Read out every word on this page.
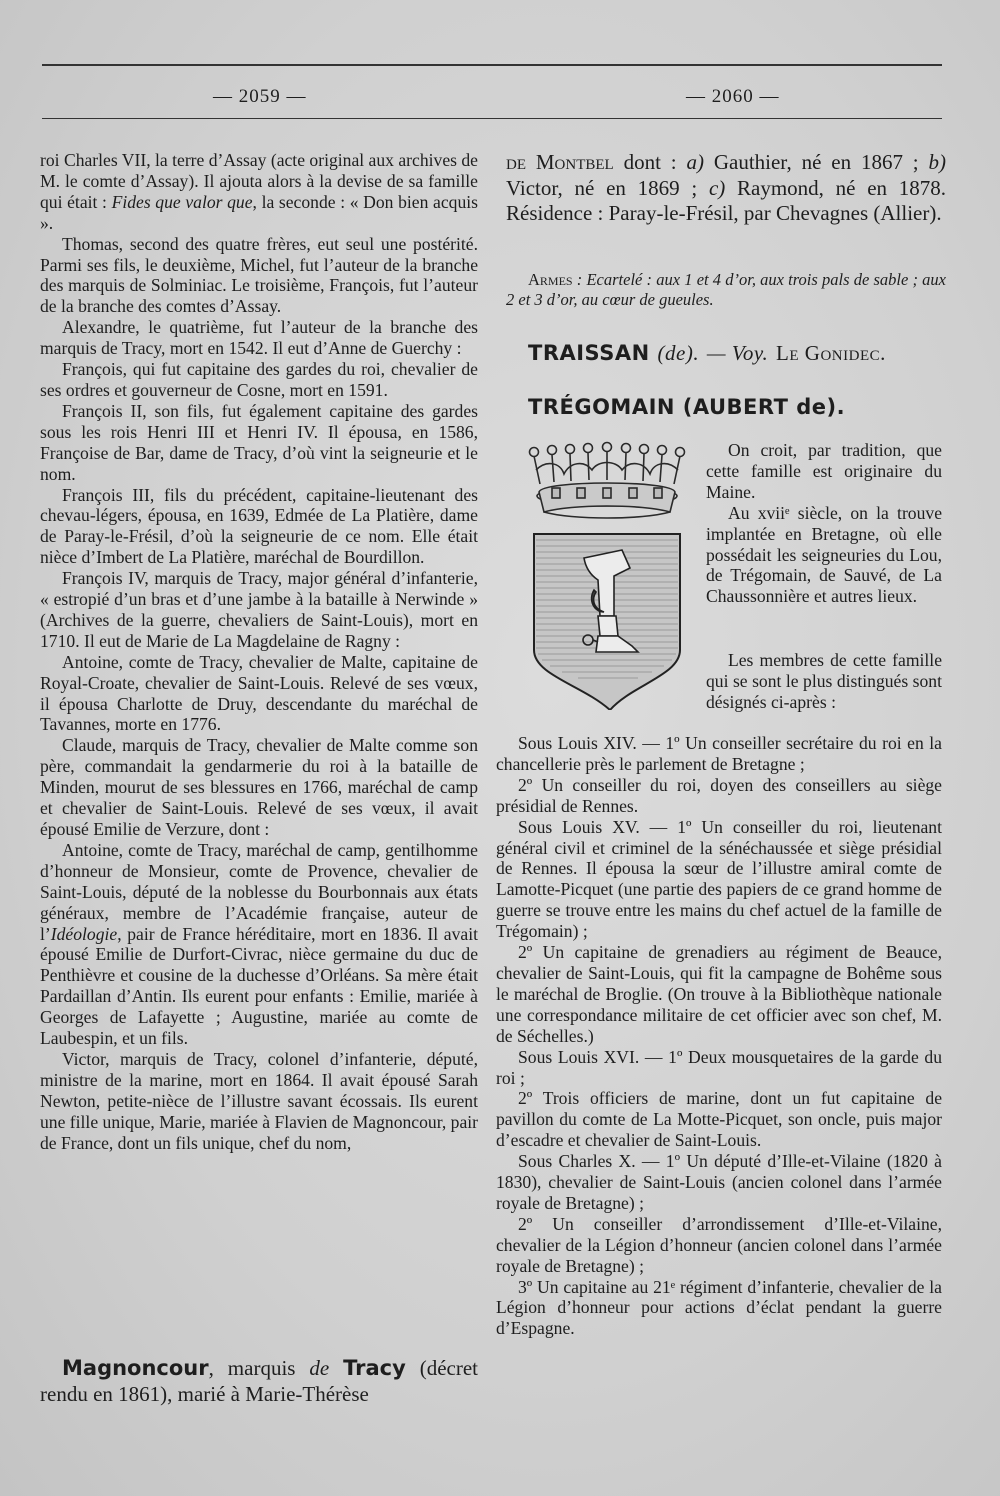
— 2059 —	— 2060 —

roi Charles VII, la terre d’Assay (acte original aux archives de M. le comte d’Assay). Il ajouta alors à la devise de sa famille qui était : Fides que valor que, la seconde : « Don bien acquis ».

Thomas, second des quatre frères, eut seul une postérité. Parmi ses fils, le deuxième, Michel, fut l’auteur de la branche des marquis de Solminiac. Le troisième, François, fut l’auteur de la branche des comtes d’Assay.

Alexandre, le quatrième, fut l’auteur de la branche des marquis de Tracy, mort en 1542. Il eut d’Anne de Guerchy :

François, qui fut capitaine des gardes du roi, chevalier de ses ordres et gouverneur de Cosne, mort en 1591.

François II, son fils, fut également capitaine des gardes sous les rois Henri III et Henri IV. Il épousa, en 1586, Françoise de Bar, dame de Tracy, d’où vint la seigneurie et le nom.

François III, fils du précédent, capitaine-lieutenant des chevau-légers, épousa, en 1639, Edmée de La Platière, dame de Paray-le-Frésil, d’où la seigneurie de ce nom. Elle était nièce d’Imbert de La Platière, maréchal de Bourdillon.

François IV, marquis de Tracy, major général d’infanterie, « estropié d’un bras et d’une jambe à la bataille à Nerwinde » (Archives de la guerre, chevaliers de Saint-Louis), mort en 1710. Il eut de Marie de La Magdelaine de Ragny :

Antoine, comte de Tracy, chevalier de Malte, capitaine de Royal-Croate, chevalier de Saint-Louis. Relevé de ses vœux, il épousa Charlotte de Druy, descendante du maréchal de Tavannes, morte en 1776.

Claude, marquis de Tracy, chevalier de Malte comme son père, commandait la gendarmerie du roi à la bataille de Minden, mourut de ses blessures en 1766, maréchal de camp et chevalier de Saint-Louis. Relevé de ses vœux, il avait épousé Emilie de Verzure, dont :

Antoine, comte de Tracy, maréchal de camp, gentilhomme d’honneur de Monsieur, comte de Provence, chevalier de Saint-Louis, député de la noblesse du Bourbonnais aux états généraux, membre de l’Académie française, auteur de l’Idéologie, pair de France héréditaire, mort en 1836. Il avait épousé Emilie de Durfort-Civrac, nièce germaine du duc de Penthièvre et cousine de la duchesse d’Orléans. Sa mère était Pardaillan d’Antin. Ils eurent pour enfants : Emilie, mariée à Georges de Lafayette ; Augustine, mariée au comte de Laubespin, et un fils.

Victor, marquis de Tracy, colonel d’infanterie, député, ministre de la marine, mort en 1864. Il avait épousé Sarah Newton, petite-nièce de l’illustre savant écossais. Ils eurent une fille unique, Marie, mariée à Flavien de Magnoncour, pair de France, dont un fils unique, chef du nom,

Magnoncour, marquis de Tracy (décret rendu en 1861), marié à Marie-Thérèse

de Montbel dont : a) Gauthier, né en 1867 ; b) Victor, né en 1869 ; c) Raymond, né en 1878. Résidence : Paray-le-Frésil, par Chevagnes (Allier).

Armes : Ecartelé : aux 1 et 4 d’or, aux trois pals de sable ; aux 2 et 3 d’or, au cœur de gueules.

TRAISSAN (de). — Voy. Le Gonidec.
TRÉGOMAIN (AUBERT de).

On croit, par tradition, que cette famille est originaire du Maine.

Au xviiᵉ siècle, on la trouve implantée en Bretagne, où elle possédait les seigneuries du Lou, de Trégomain, de Sauvé, de La Chaussonnière et autres lieux.

Les membres de cette famille qui se sont le plus distingués sont désignés ci-après :

Sous Louis XIV. — 1º Un conseiller secrétaire du roi en la chancellerie près le parlement de Bretagne ;

2º Un conseiller du roi, doyen des conseillers au siège présidial de Rennes.

Sous Louis XV. — 1º Un conseiller du roi, lieutenant général civil et criminel de la sénéchaussée et siège présidial de Rennes. Il épousa la sœur de l’illustre amiral comte de Lamotte-Picquet (une partie des papiers de ce grand homme de guerre se trouve entre les mains du chef actuel de la famille de Trégomain) ;

2º Un capitaine de grenadiers au régiment de Beauce, chevalier de Saint-Louis, qui fit la campagne de Bohême sous le maréchal de Broglie. (On trouve à la Bibliothèque nationale une correspondance militaire de cet officier avec son chef, M. de Séchelles.)

Sous Louis XVI. — 1º Deux mousquetaires de la garde du roi ;

2º Trois officiers de marine, dont un fut capitaine de pavillon du comte de La Motte-Picquet, son oncle, puis major d’escadre et chevalier de Saint-Louis.

Sous Charles X. — 1º Un député d’Ille-et-Vilaine (1820 à 1830), chevalier de Saint-Louis (ancien colonel dans l’armée royale de Bretagne) ;

2º Un conseiller d’arrondissement d’Ille-et-Vilaine, chevalier de la Légion d’honneur (ancien colonel dans l’armée royale de Bretagne) ;

3º Un capitaine au 21ᵉ régiment d’infanterie, chevalier de la Légion d’honneur pour actions d’éclat pendant la guerre d’Espagne.
